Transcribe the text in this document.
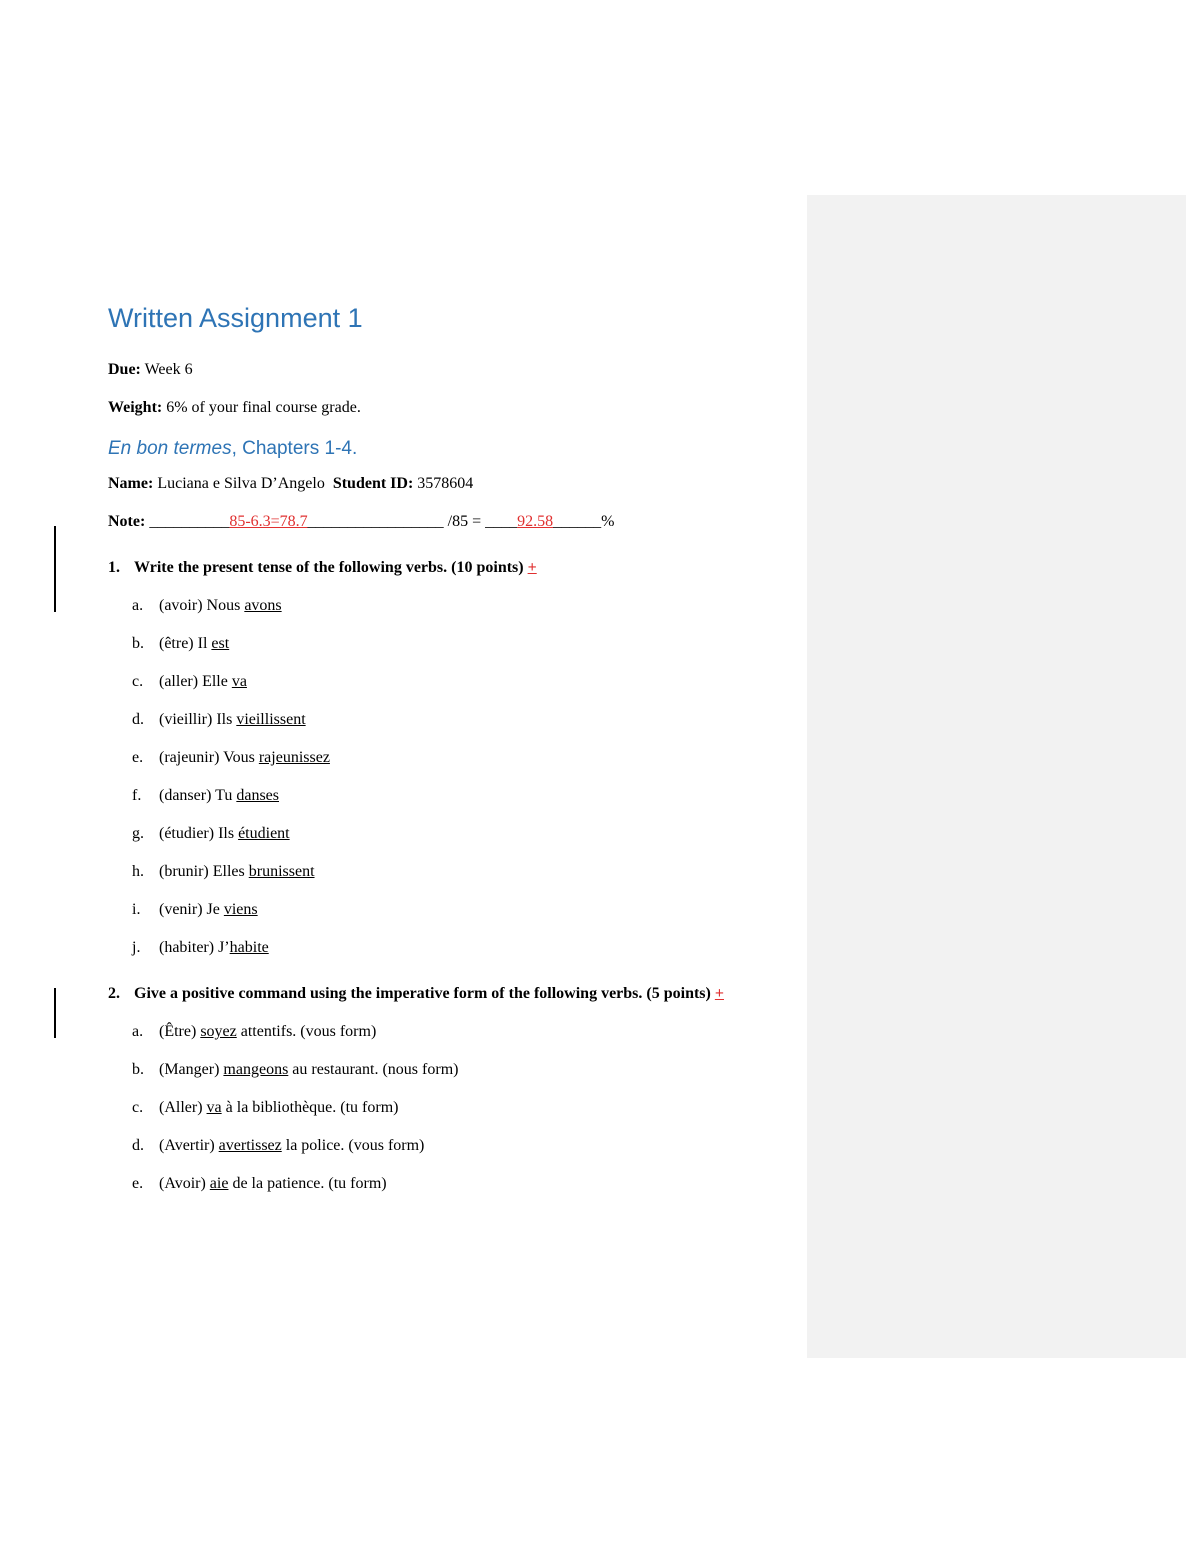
Written Assignment 1

Due: Week 6

Weight: 6% of your final course grade.

En bon termes, Chapters 1-4.

Name: Luciana e Silva D’Angelo Student ID: 3578604

Note: __________85-6.3=78.7_________________ /85 = ____92.58______%

1. Write the present tense of the following verbs. (10 points) +

a. (avoir) Nous avons
b. (être) Il est
c. (aller) Elle va
d. (vieillir) Ils vieillissent
e. (rajeunir) Vous rajeunissez
f. (danser) Tu danses
g. (étudier) Ils étudient
h. (brunir) Elles brunissent
i. (venir) Je viens
j. (habiter) J’habite

2. Give a positive command using the imperative form of the following verbs. (5 points) +

a. (Être) soyez attentifs. (vous form)
b. (Manger) mangeons au restaurant. (nous form)
c. (Aller) va à la bibliothèque. (tu form)
d. (Avertir) avertissez la police. (vous form)
e. (Avoir) aie de la patience. (tu form)
